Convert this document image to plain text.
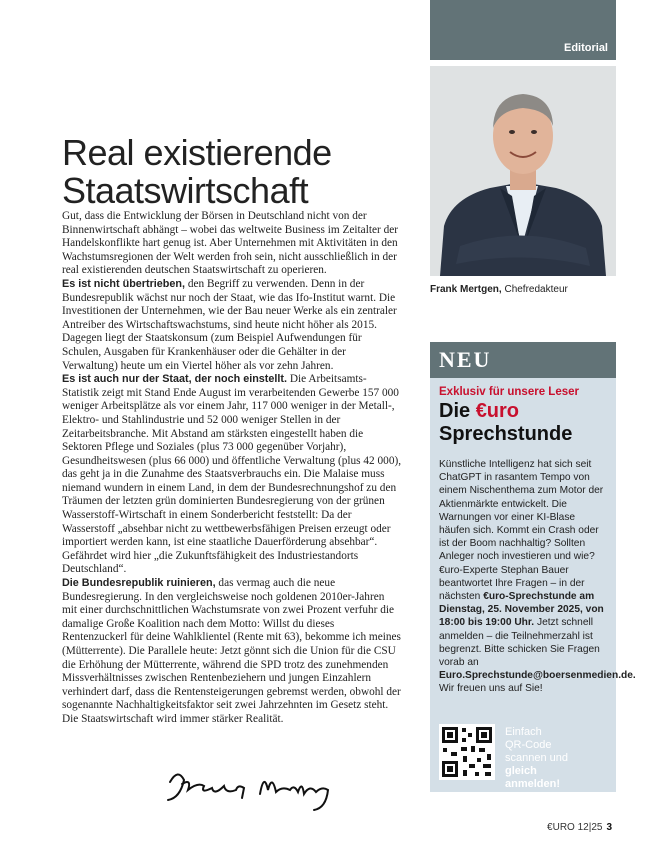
Editorial
Frank Mertgen, Chefredakteur
Real existierende
Staatswirtschaft

Gut, dass die Entwicklung der Börsen in Deutschland nicht von der Binnenwirtschaft abhängt – wobei das weltweite Business im Zeitalter der Handelskonflikte hart genug ist. Aber Unternehmen mit Aktivitäten in den Wachstumsregionen der Welt werden froh sein, nicht ausschließlich in der real existierenden deutschen Staatswirtschaft zu operieren.

Es ist nicht übertrieben, den Begriff zu verwenden. Denn in der Bundesrepublik wächst nur noch der Staat, wie das Ifo-Institut warnt. Die Investitionen der Unternehmen, wie der Bau neuer Werke als ein zentraler Antreiber des Wirtschaftswachstums, sind heute nicht höher als 2015. Dagegen liegt der Staatskonsum (zum Beispiel Aufwendungen für Schulen, Ausgaben für Krankenhäuser oder die Gehälter in der Verwaltung) heute um ein Viertel höher als vor zehn Jahren.

Es ist auch nur der Staat, der noch einstellt. Die Arbeitsamts-Statistik zeigt mit Stand Ende August im verarbeitenden Gewerbe 157 000 weniger Arbeitsplätze als vor einem Jahr, 117 000 weniger in der Metall-, Elektro- und Stahlindustrie und 52 000 weniger Stellen in der Zeitarbeitsbranche. Mit Abstand am stärksten eingestellt haben die Sektoren Pflege und Soziales (plus 73 000 gegenüber Vorjahr), Gesundheitswesen (plus 66 000) und öffentliche Verwaltung (plus 42 000), das geht ja in die Zunahme des Staatsverbrauchs ein. Die Malaise muss niemand wundern in einem Land, in dem der Bundesrechnungshof zu den Träumen der letzten grün dominierten Bundesregierung von der grünen Wasserstoff-Wirtschaft in einem Sonderbericht feststellt: Da der Wasserstoff „absehbar nicht zu wettbewerbsfähigen Preisen erzeugt oder importiert werden kann, ist eine staatliche Dauerförderung absehbar“. Gefährdet wird hier „die Zukunftsfähigkeit des Industriestandorts Deutschland“.

Die Bundesrepublik ruinieren, das vermag auch die neue Bundesregierung. In den vergleichsweise noch goldenen 2010er-Jahren mit einer durchschnittlichen Wachstumsrate von zwei Prozent verfuhr die damalige Große Koalition nach dem Motto: Willst du dieses Rentenzuckerl für deine Wahlklientel (Rente mit 63), bekomme ich meines (Mütterrente). Die Parallele heute: Jetzt gönnt sich die Union für die CSU die Erhöhung der Mütterrente, während die SPD trotz des zunehmenden Missverhältnisses zwischen Rentenbeziehern und jungen Einzahlern verhindert darf, dass die Rentensteigerungen gebremst werden, obwohl der sogenannte Nachhaltigkeitsfaktor seit zwei Jahrzehnten im Gesetz steht. Die Staatswirtschaft wird immer stärker Realität.

NEU
Exklusiv für unsere Leser
Die €uro
Sprechstunde
Künstliche Intelligenz hat sich seit ChatGPT in rasantem Tempo von einem Nischenthema zum Motor der Aktienmärkte entwickelt. Die Warnungen vor einer KI-Blase häufen sich. Kommt ein Crash oder ist der Boom nachhaltig? Sollten Anleger noch investieren und wie? €uro-Experte Stephan Bauer beantwortet Ihre Fragen – in der nächsten €uro-Sprechstunde am Dienstag, 25. November 2025, von 18:00 bis 19:00 Uhr. Jetzt schnell anmelden – die Teilnehmerzahl ist begrenzt. Bitte schicken Sie Fragen vorab an Euro.Sprechstunde@boersenmedien.de. Wir freuen uns auf Sie!
Einfach
QR-Code
scannen und
gleich
anmelden!
€URO 12|25 3
